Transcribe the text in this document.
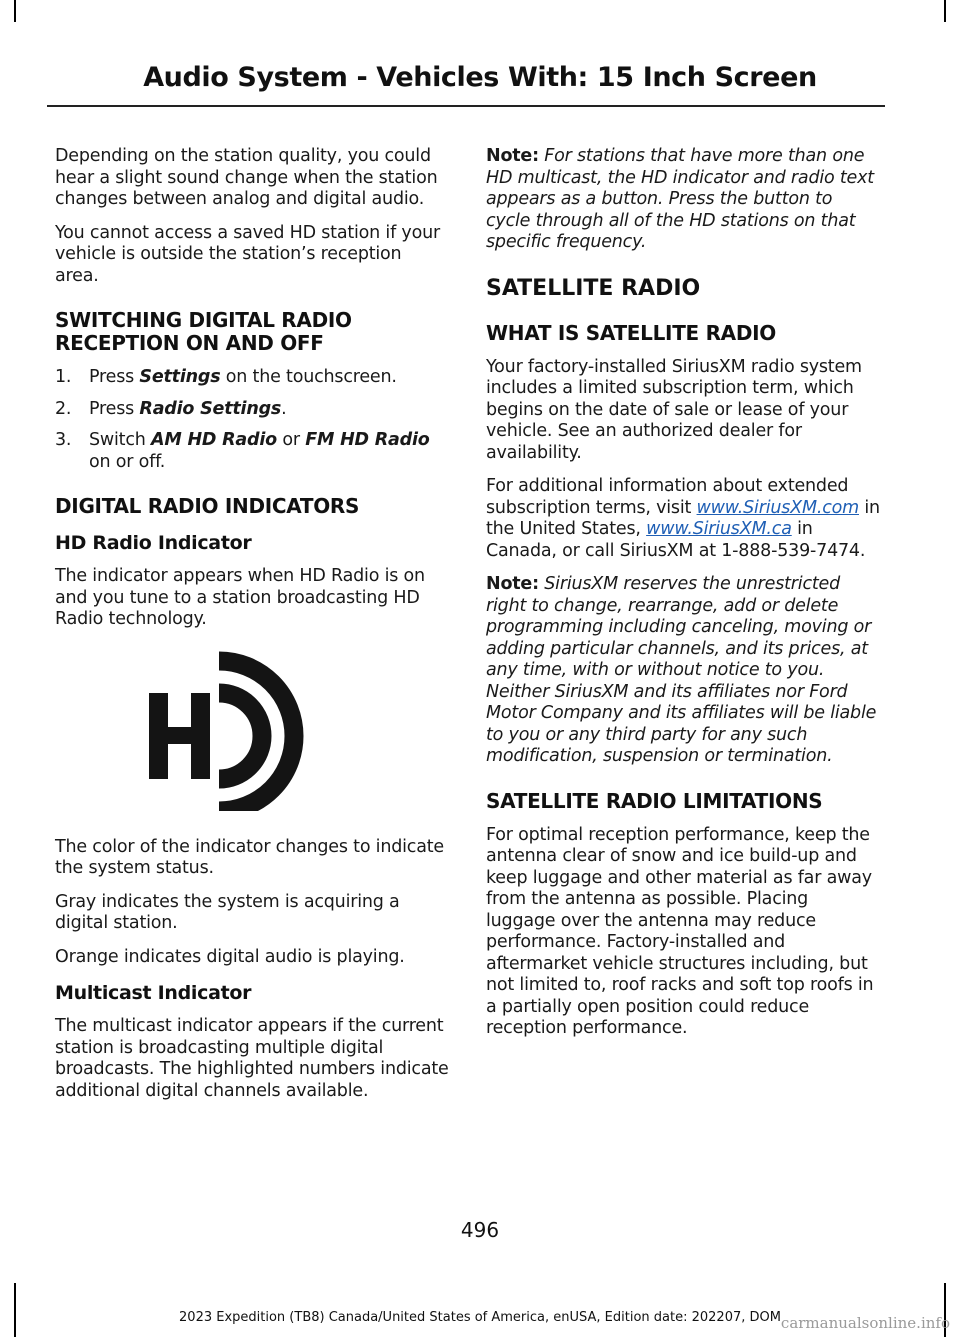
Audio System - Vehicles With: 15 Inch Screen

Depending on the station quality, you could hear a slight sound change when the station changes between analog and digital audio.

You cannot access a saved HD station if your vehicle is outside the station’s reception area.

SWITCHING DIGITAL RADIO RECEPTION ON AND OFF
1. Press Settings on the touchscreen.
2. Press Radio Settings.
3. Switch AM HD Radio or FM HD Radio on or off.
DIGITAL RADIO INDICATORS
HD Radio Indicator

The indicator appears when HD Radio is on and you tune to a station broadcasting HD Radio technology.

The color of the indicator changes to indicate the system status.

Gray indicates the system is acquiring a digital station.

Orange indicates digital audio is playing.

Multicast Indicator

The multicast indicator appears if the current station is broadcasting multiple digital broadcasts. The highlighted numbers indicate additional digital channels available.

Note: For stations that have more than one HD multicast, the HD indicator and radio text appears as a button. Press the button to cycle through all of the HD stations on that specific frequency.

SATELLITE RADIO
WHAT IS SATELLITE RADIO

Your factory-installed SiriusXM radio system includes a limited subscription term, which begins on the date of sale or lease of your vehicle. See an authorized dealer for availability.

For additional information about extended subscription terms, visit www.SiriusXM.com in the United States, www.SiriusXM.ca in Canada, or call SiriusXM at 1-888-539-7474.

Note: SiriusXM reserves the unrestricted right to change, rearrange, add or delete programming including canceling, moving or adding particular channels, and its prices, at any time, with or without notice to you. Neither SiriusXM and its affiliates nor Ford Motor Company and its affiliates will be liable to you or any third party for any such modification, suspension or termination.

SATELLITE RADIO LIMITATIONS

For optimal reception performance, keep the antenna clear of snow and ice build-up and keep luggage and other material as far away from the antenna as possible. Placing luggage over the antenna may reduce performance. Factory-installed and aftermarket vehicle structures including, but not limited to, roof racks and soft top roofs in a partially open position could reduce reception performance.

496
2023 Expedition (TB8) Canada/United States of America, enUSA, Edition date: 202207, DOM carmanualsonline.info
